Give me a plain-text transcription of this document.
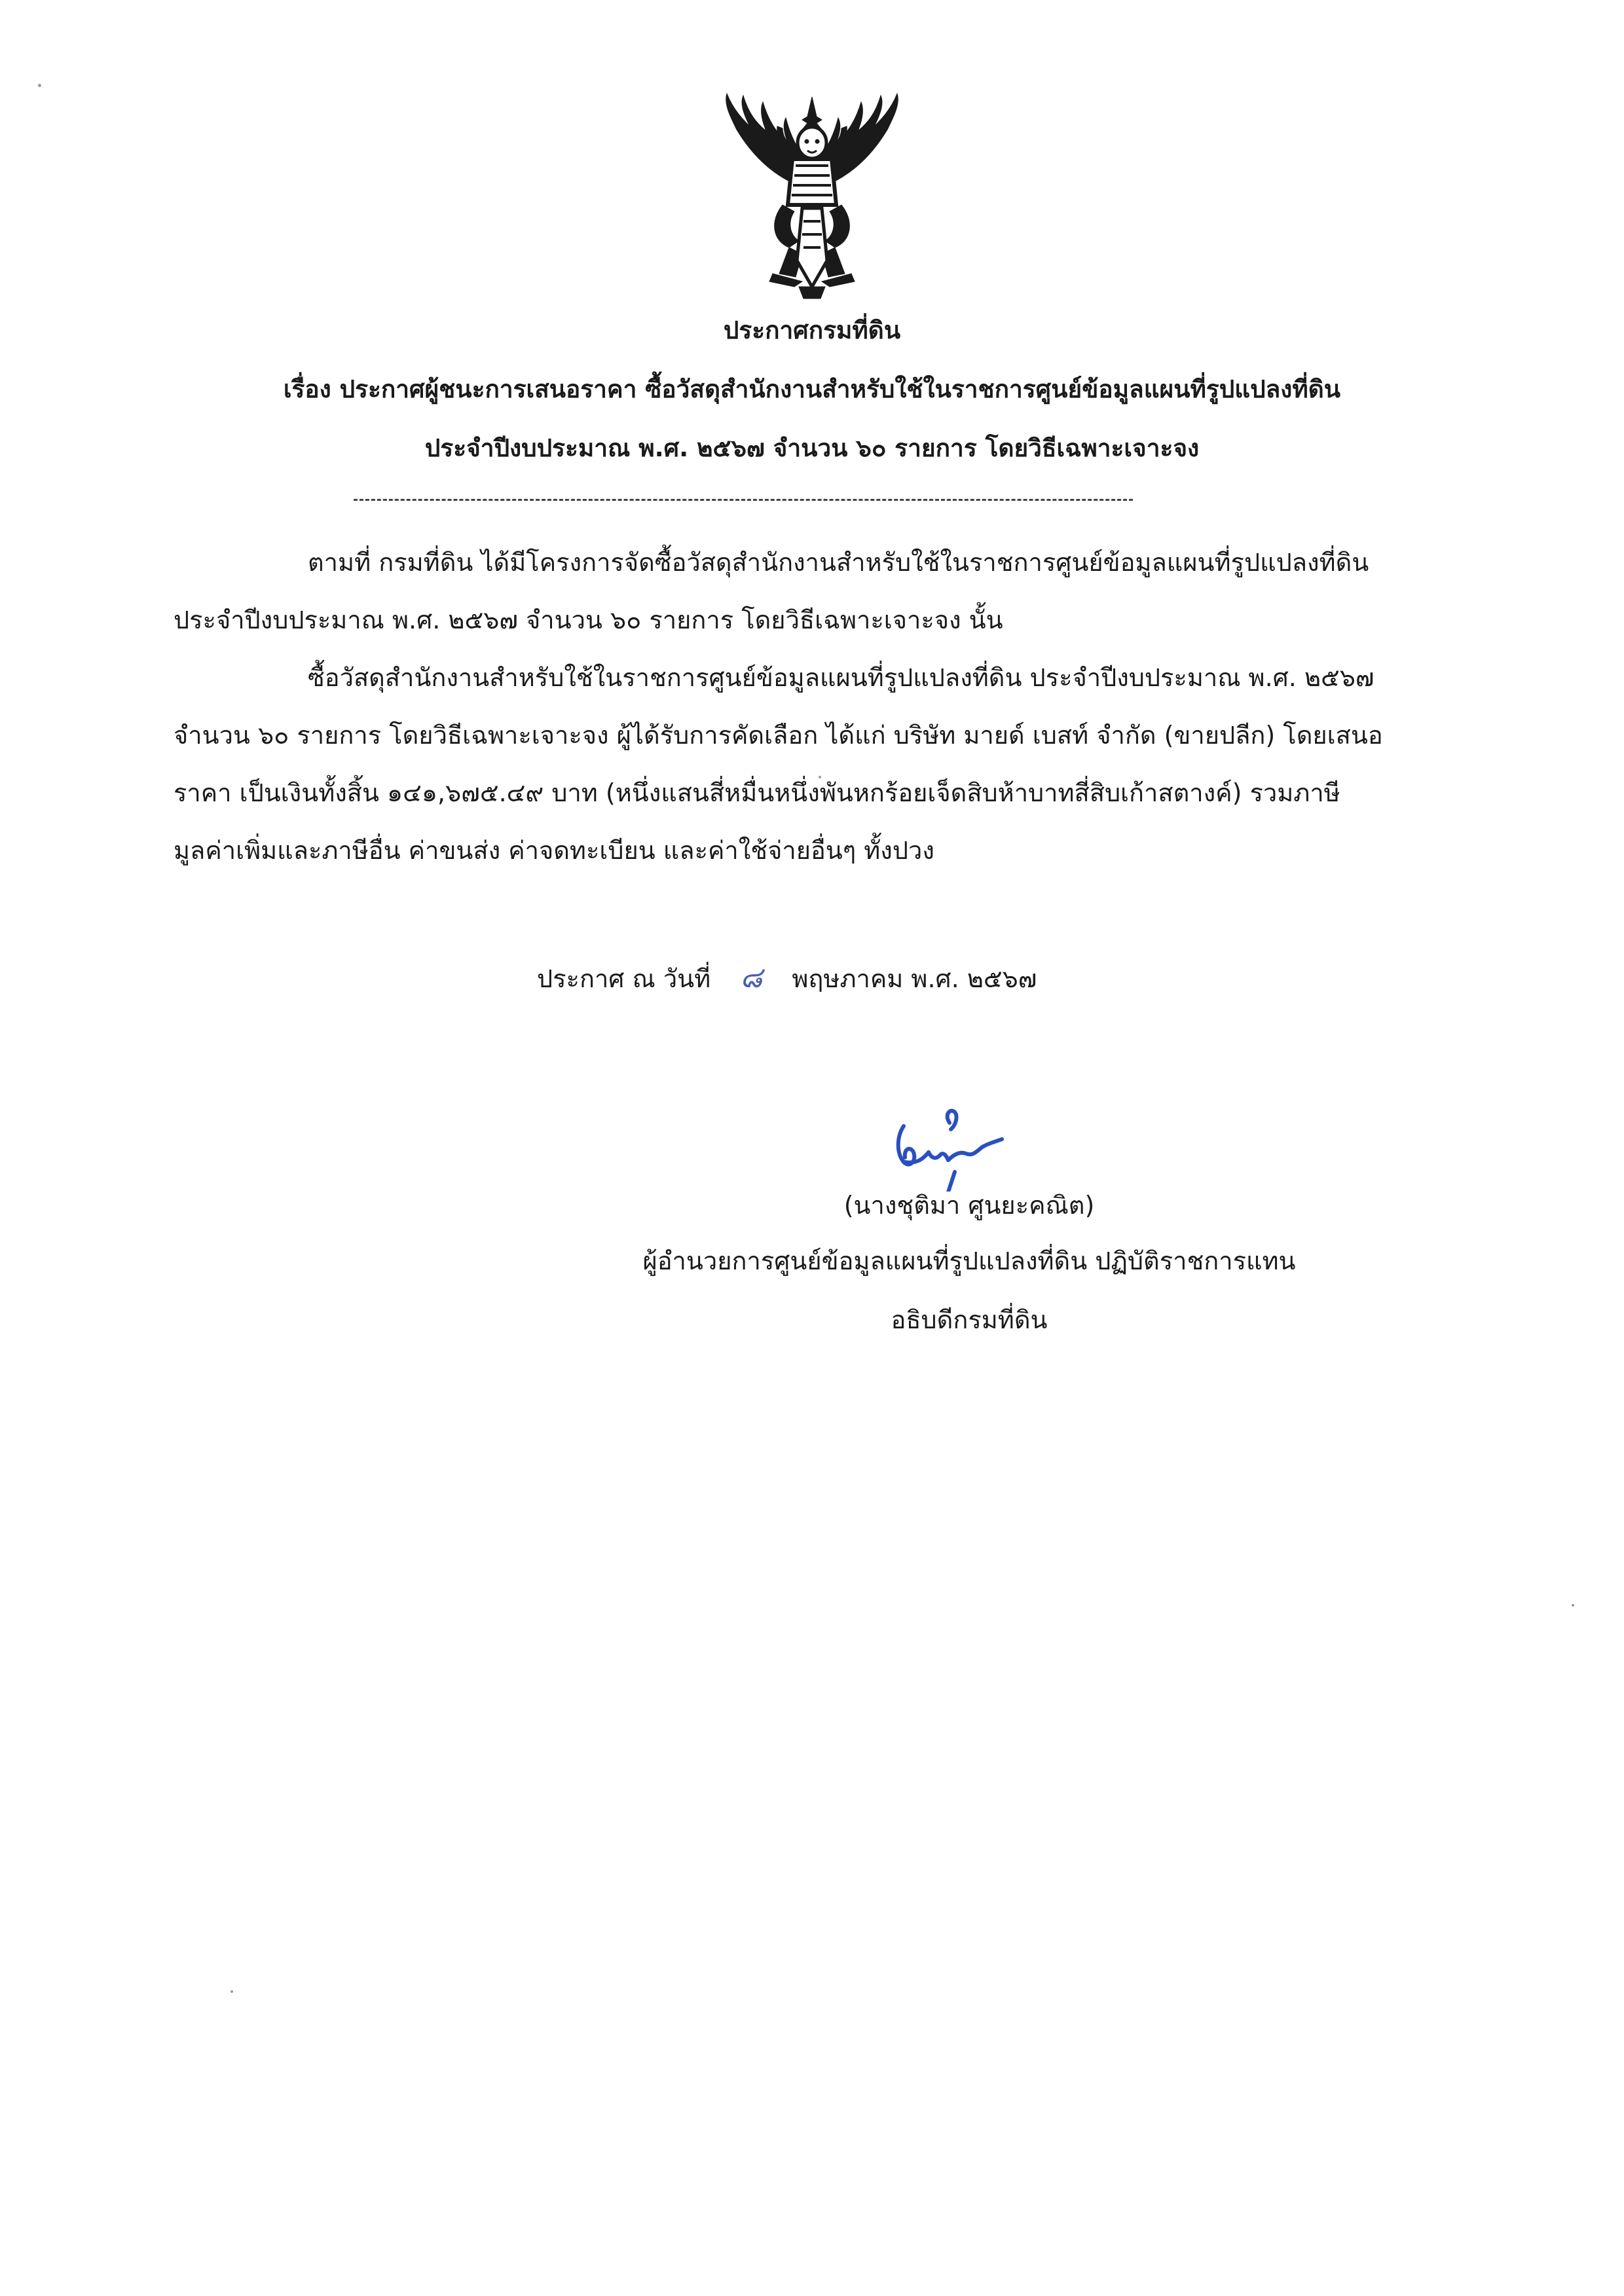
ประกาศกรมที่ดิน
เรื่อง ประกาศผู้ชนะการเสนอราคา ซื้อวัสดุสำนักงานสำหรับใช้ในราชการศูนย์ข้อมูลแผนที่รูปแปลงที่ดิน
ประจำปีงบประมาณ พ.ศ. ๒๕๖๗ จำนวน ๖๐ รายการ โดยวิธีเฉพาะเจาะจง
ตามที่ กรมที่ดิน ได้มีโครงการจัดซื้อวัสดุสำนักงานสำหรับใช้ในราชการศูนย์ข้อมูลแผนที่รูปแปลงที่ดิน
ประจำปีงบประมาณ พ.ศ. ๒๕๖๗ จำนวน ๖๐ รายการ โดยวิธีเฉพาะเจาะจง นั้น
ซื้อวัสดุสำนักงานสำหรับใช้ในราชการศูนย์ข้อมูลแผนที่รูปแปลงที่ดิน ประจำปีงบประมาณ พ.ศ. ๒๕๖๗
จำนวน ๖๐ รายการ โดยวิธีเฉพาะเจาะจง ผู้ได้รับการคัดเลือก ได้แก่ บริษัท มายด์ เบสท์ จำกัด (ขายปลีก) โดยเสนอ
ราคา เป็นเงินทั้งสิ้น ๑๔๑,๖๗๕.๔๙ บาท (หนึ่งแสนสี่หมื่นหนึ่งพันหกร้อยเจ็ดสิบห้าบาทสี่สิบเก้าสตางค์) รวมภาษี
มูลค่าเพิ่มและภาษีอื่น ค่าขนส่ง ค่าจดทะเบียน และค่าใช้จ่ายอื่นๆ ทั้งปวง
ประกาศ ณ วันที่ ๘ พฤษภาคม พ.ศ. ๒๕๖๗
(นางชุติมา ศูนยะคณิต)
ผู้อำนวยการศูนย์ข้อมูลแผนที่รูปแปลงที่ดิน ปฏิบัติราชการแทน
อธิบดีกรมที่ดิน
